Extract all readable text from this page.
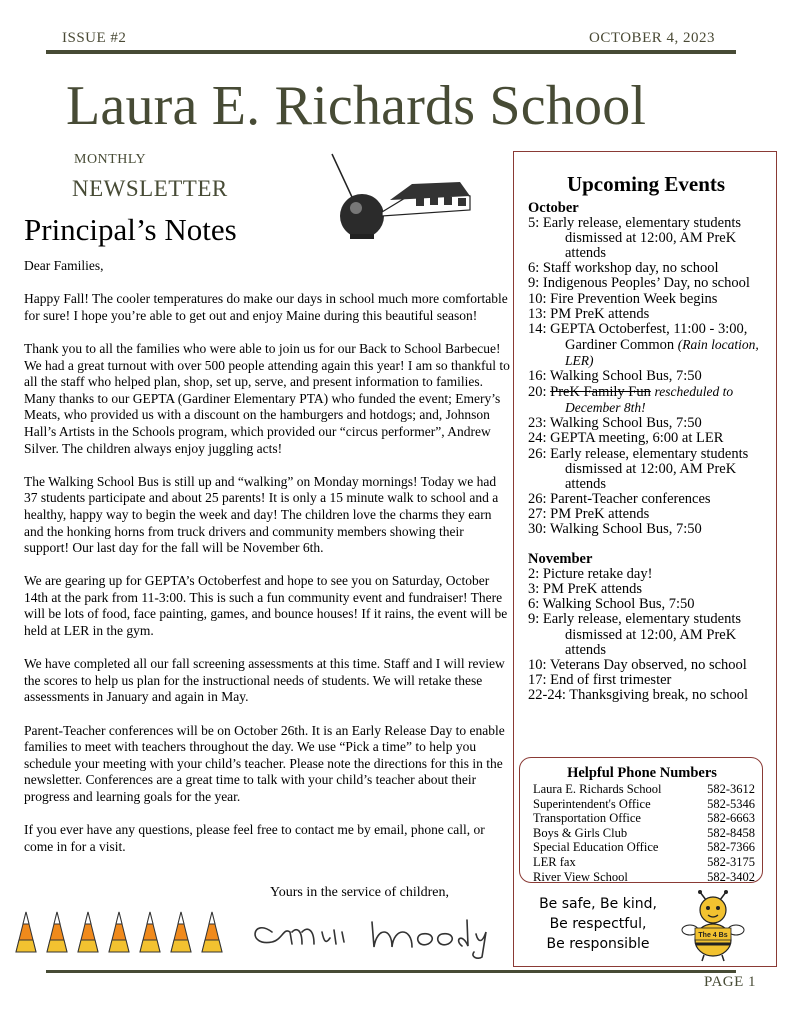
ISSUE #2	OCTOBER 4, 2023
Laura E. Richards School
MONTHLY
NEWSLETTER
Principal’s Notes

Dear Families,

Happy Fall! The cooler temperatures do make our days in school much more comfortable for sure! I hope you’re able to get out and enjoy Maine during this beautiful season!

Thank you to all the families who were able to join us for our Back to School Barbecue! We had a great turnout with over 500 people attending again this year! I am so thankful to all the staff who helped plan, shop, set up, serve, and present information to families. Many thanks to our GEPTA (Gardiner Elementary PTA) who funded the event; Emery’s Meats, who provided us with a discount on the hamburgers and hotdogs; and, Johnson Hall’s Artists in the Schools program, which provided our “circus performer”, Andrew Silver. The children always enjoy juggling acts!

The Walking School Bus is still up and “walking” on Monday mornings! Today we had 37 students participate and about 25 parents! It is only a 15 minute walk to school and a healthy, happy way to begin the week and day! The children love the charms they earn and the honking horns from truck drivers and community members showing their support! Our last day for the fall will be November 6th.

We are gearing up for GEPTA’s Octoberfest and hope to see you on Saturday, October 14th at the park from 11-3:00. This is such a fun community event and fundraiser! There will be lots of food, face painting, games, and bounce houses! If it rains, the event will be held at LER in the gym.

We have completed all our fall screening assessments at this time. Staff and I will review the scores to help us plan for the instructional needs of students. We will retake these assessments in January and again in May.

Parent-Teacher conferences will be on October 26th. It is an Early Release Day to enable families to meet with teachers throughout the day. We use “Pick a time” to help you schedule your meeting with your child’s teacher. Please note the directions for this in the newsletter. Conferences are a great time to talk with your child’s teacher about their progress and learning goals for the year.

If you ever have any questions, please feel free to contact me by email, phone call, or come in for a visit.

Yours in the service of children,
Mrs. Moody
Upcoming Events
October
5: Early release, elementary students dismissed at 12:00, AM PreK attends
6: Staff workshop day, no school
9: Indigenous Peoples’ Day, no school
10: Fire Prevention Week begins
13: PM PreK attends
14: GEPTA Octoberfest, 11:00 - 3:00, Gardiner Common (Rain location, LER)
16: Walking School Bus, 7:50
20: PreK Family Fun rescheduled to December 8th!
23: Walking School Bus, 7:50
24: GEPTA meeting, 6:00 at LER
26: Early release, elementary students dismissed at 12:00, AM PreK attends
26: Parent-Teacher conferences
27: PM PreK attends
30: Walking School Bus, 7:50
November
2: Picture retake day!
3: PM PreK attends
6: Walking School Bus, 7:50
9: Early release, elementary students dismissed at 12:00, AM PreK attends
10: Veterans Day observed, no school
17: End of first trimester
22-24: Thanksgiving break, no school
Helpful Phone Numbers
Laura E. Richards School	582-3612
Superintendent's Office	582-5346
Transportation Office	582-6663
Boys & Girls Club	582-8458
Special Education Office	582-7366
LER fax	582-3175
River View School	582-3402
Be safe, Be kind,
Be respectful,
Be responsible
The 4 Bs
PAGE 1
